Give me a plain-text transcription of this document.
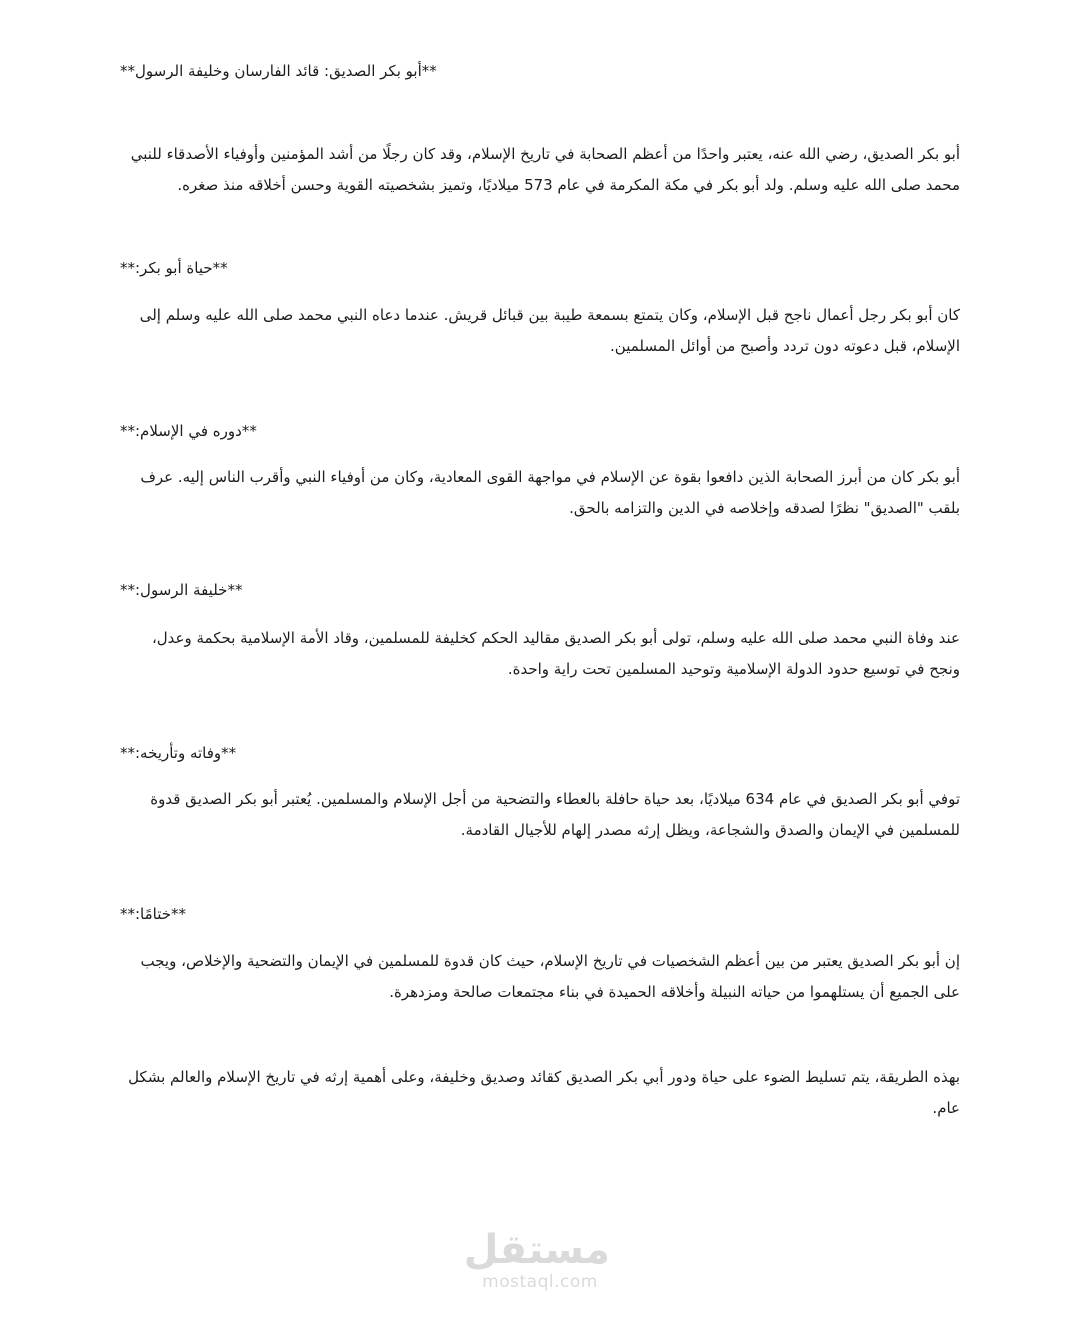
**أبو بكر الصديق: قائد الفارسان وخليفة الرسول**

أبو بكر الصديق، رضي الله عنه، يعتبر واحدًا من أعظم الصحابة في تاريخ الإسلام، وقد كان رجلًا من أشد المؤمنين وأوفياء الأصدقاء للنبي محمد صلى الله عليه وسلم. ولد أبو بكر في مكة المكرمة في عام 573 ميلاديًا، وتميز بشخصيته القوية وحسن أخلاقه منذ صغره.

**حياة أبو بكر:**

كان أبو بكر رجل أعمال ناجح قبل الإسلام، وكان يتمتع بسمعة طيبة بين قبائل قريش. عندما دعاه النبي محمد صلى الله عليه وسلم إلى الإسلام، قبل دعوته دون تردد وأصبح من أوائل المسلمين.

**دوره في الإسلام:**

أبو بكر كان من أبرز الصحابة الذين دافعوا بقوة عن الإسلام في مواجهة القوى المعادية، وكان من أوفياء النبي وأقرب الناس إليه. عرف بلقب "الصديق" نظرًا لصدقه وإخلاصه في الدين والتزامه بالحق.

**خليفة الرسول:**

عند وفاة النبي محمد صلى الله عليه وسلم، تولى أبو بكر الصديق مقاليد الحكم كخليفة للمسلمين، وقاد الأمة الإسلامية بحكمة وعدل، ونجح في توسيع حدود الدولة الإسلامية وتوحيد المسلمين تحت راية واحدة.

**وفاته وتأريخه:**

توفي أبو بكر الصديق في عام 634 ميلاديًا، بعد حياة حافلة بالعطاء والتضحية من أجل الإسلام والمسلمين. يُعتبر أبو بكر الصديق قدوة للمسلمين في الإيمان والصدق والشجاعة، ويظل إرثه مصدر إلهام للأجيال القادمة.

**ختامًا:**

إن أبو بكر الصديق يعتبر من بين أعظم الشخصيات في تاريخ الإسلام، حيث كان قدوة للمسلمين في الإيمان والتضحية والإخلاص، ويجب على الجميع أن يستلهموا من حياته النبيلة وأخلاقه الحميدة في بناء مجتمعات صالحة ومزدهرة.

بهذه الطريقة، يتم تسليط الضوء على حياة ودور أبي بكر الصديق كقائد وصديق وخليفة، وعلى أهمية إرثه في تاريخ الإسلام والعالم بشكل عام.

مستقل
mostaql.com
